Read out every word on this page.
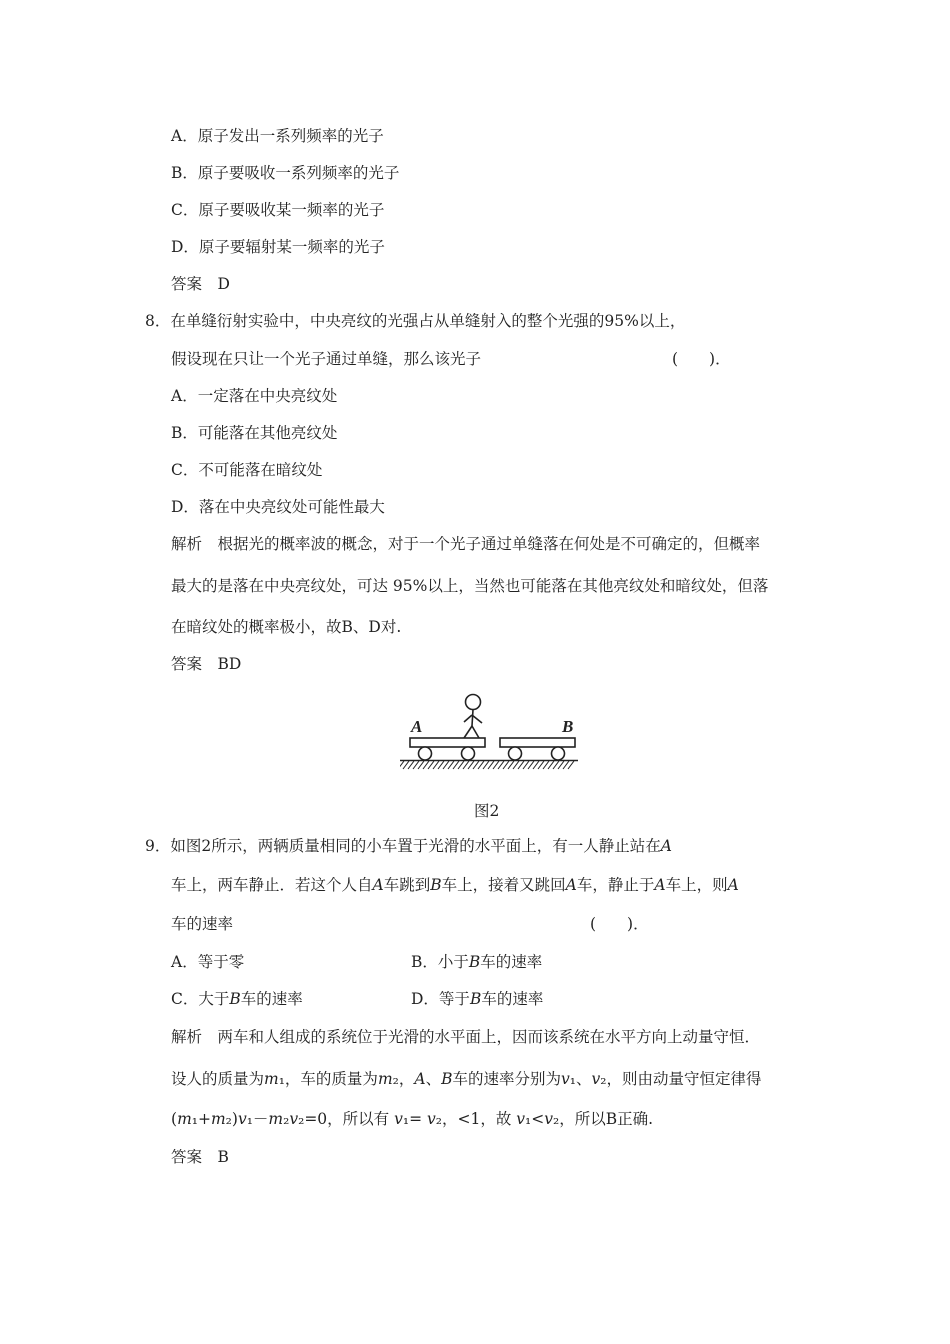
A．原子发出一系列频率的光子
B．原子要吸收一系列频率的光子
C．原子要吸收某一频率的光子
D．原子要辐射某一频率的光子
答案　D
8．在单缝衍射实验中，中央亮纹的光强占从单缝射入的整个光强的95%以上，
假设现在只让一个光子通过单缝，那么该光子	(　　)．
A．一定落在中央亮纹处
B．可能落在其他亮纹处
C．不可能落在暗纹处
D．落在中央亮纹处可能性最大
解析　根据光的概率波的概念，对于一个光子通过单缝落在何处是不可确定的，但概率
最大的是落在中央亮纹处，可达 95%以上，当然也可能落在其他亮纹处和暗纹处，但落
在暗纹处的概率极小，故B、D对.
答案　BD
A	B
图2
9．如图2所示，两辆质量相同的小车置于光滑的水平面上，有一人静止站在A
车上，两车静止．若这个人自A车跳到B车上，接着又跳回A车，静止于A车上，则A
车的速率	(　　)．
A．等于零	B．小于B车的速率
C．大于B车的速率	D．等于B车的速率
解析　两车和人组成的系统位于光滑的水平面上，因而该系统在水平方向上动量守恒．
设人的质量为m₁，车的质量为m₂，A、B车的速率分别为v₁、v₂，则由动量守恒定律得
(m₁+m₂)v₁－m₂v₂=0，所以有 v₁= v₂，<1，故 v₁<v₂，所以B正确.
答案　B
